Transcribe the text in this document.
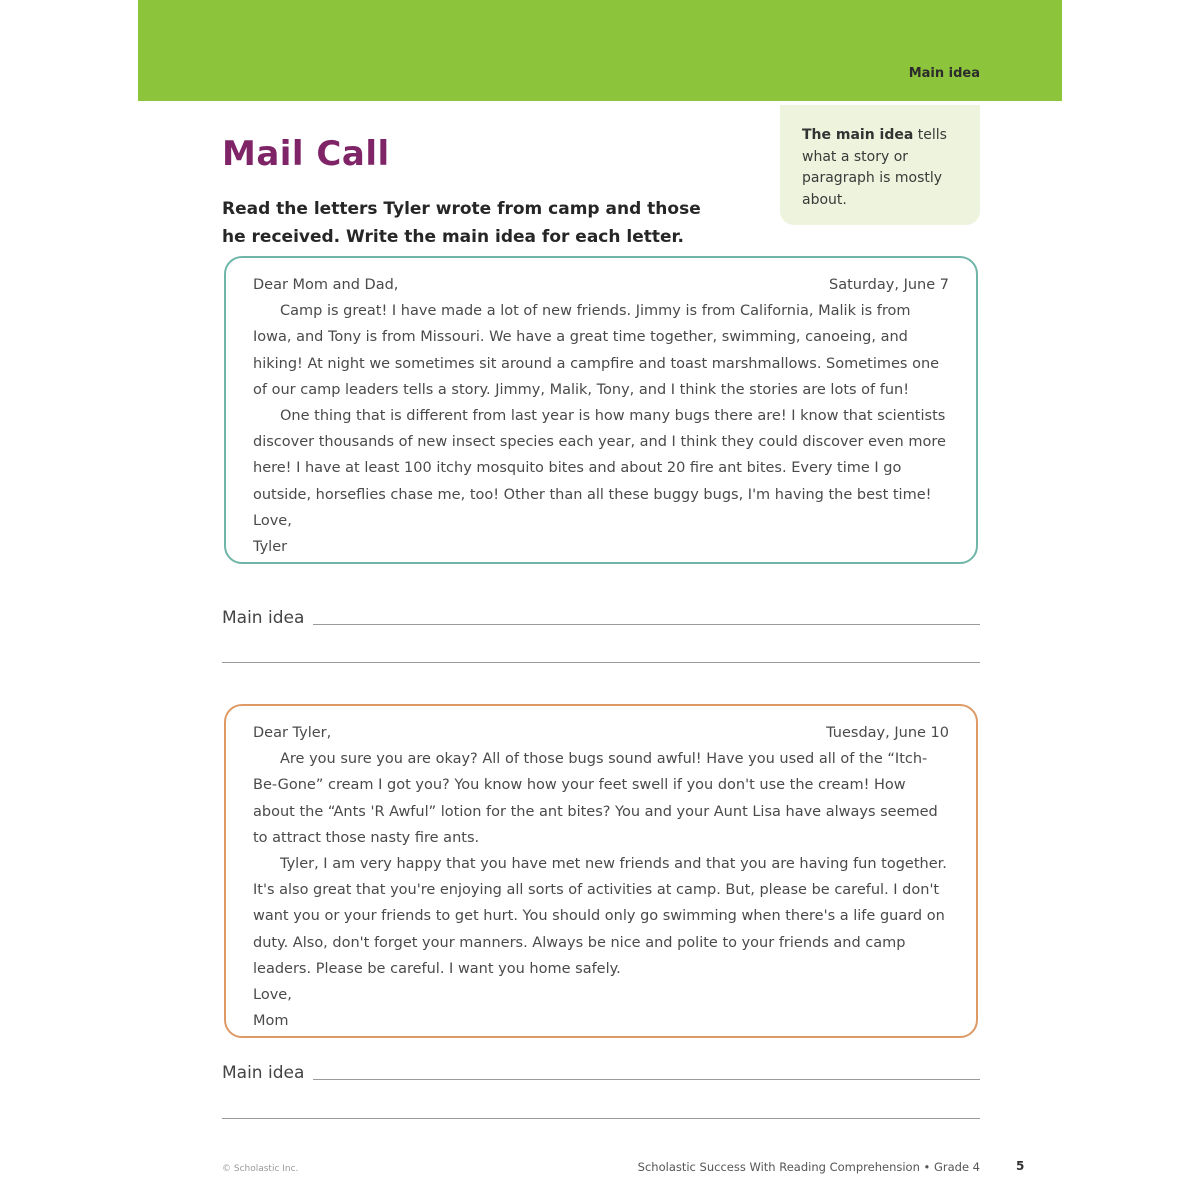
Main idea
Mail Call
Read the letters Tyler wrote from camp and those he received. Write the main idea for each letter.
The main idea tells what a story or paragraph is mostly about.
Dear Mom and Dad,	Saturday, June 7

Camp is great! I have made a lot of new friends. Jimmy is from California, Malik is from Iowa, and Tony is from Missouri. We have a great time together, swimming, canoeing, and hiking! At night we sometimes sit around a campfire and toast marshmallows. Sometimes one of our camp leaders tells a story. Jimmy, Malik, Tony, and I think the stories are lots of fun!

One thing that is different from last year is how many bugs there are! I know that scientists discover thousands of new insect species each year, and I think they could discover even more here! I have at least 100 itchy mosquito bites and about 20 fire ant bites. Every time I go outside, horseflies chase me, too! Other than all these buggy bugs, I'm having the best time!

Love,

Tyler

Main idea
Dear Tyler,	Tuesday, June 10

Are you sure you are okay? All of those bugs sound awful! Have you used all of the “Itch-Be-Gone” cream I got you? You know how your feet swell if you don't use the cream! How about the “Ants 'R Awful” lotion for the ant bites? You and your Aunt Lisa have always seemed to attract those nasty fire ants.

Tyler, I am very happy that you have met new friends and that you are having fun together. It's also great that you're enjoying all sorts of activities at camp. But, please be careful. I don't want you or your friends to get hurt. You should only go swimming when there's a life guard on duty. Also, don't forget your manners. Always be nice and polite to your friends and camp leaders. Please be careful. I want you home safely.

Love,

Mom

Main idea
© Scholastic Inc.	Scholastic Success With Reading Comprehension • Grade 4	5
